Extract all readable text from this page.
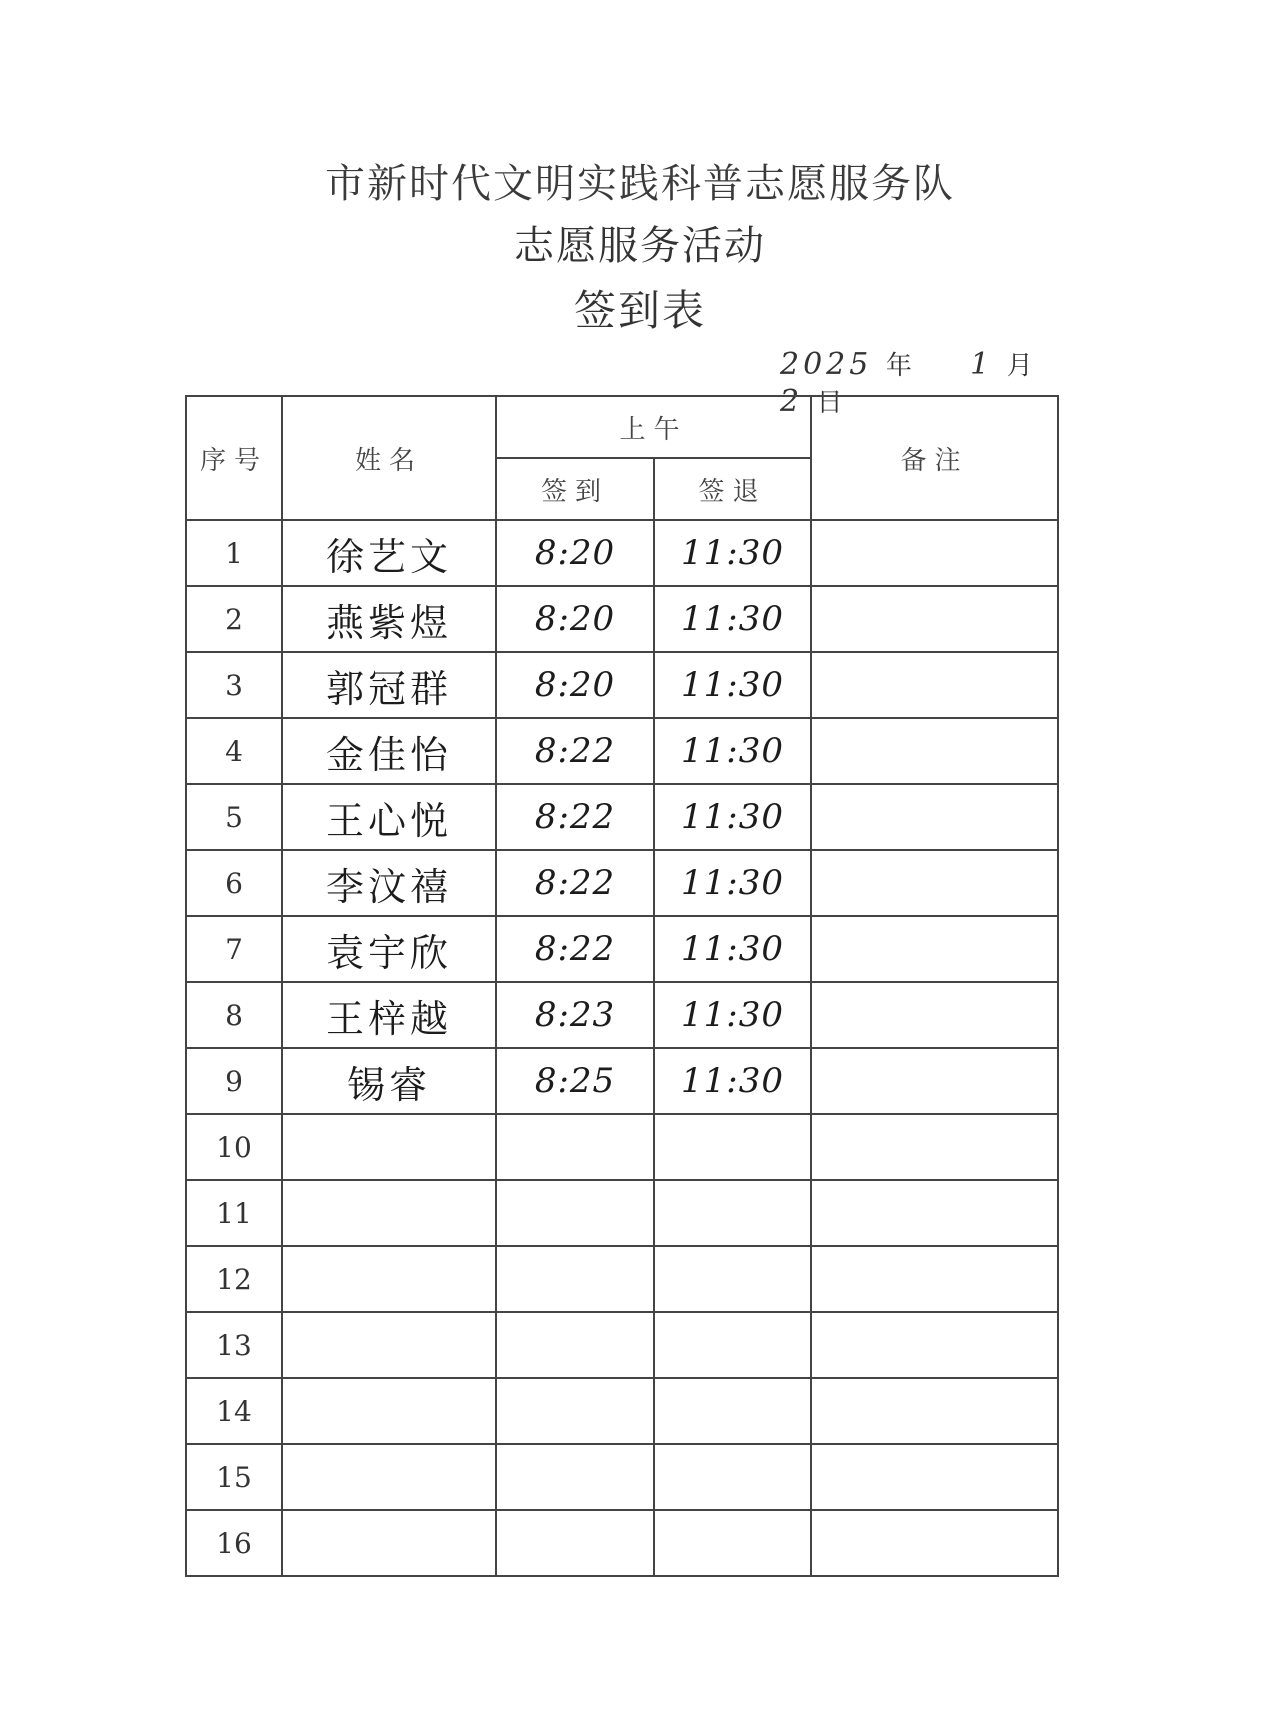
市新时代文明实践科普志愿服务队
志愿服务活动
签到表
2025 年 1 月 2 日
序号	姓名	上午		备注
		签到	签退	
1	徐艺文	8:20	11:30	
2	燕紫煜	8:20	11:30	
3	郭冠群	8:20	11:30	
4	金佳怡	8:22	11:30	
5	王心悦	8:22	11:30	
6	李汶禧	8:22	11:30	
7	袁宇欣	8:22	11:30	
8	王梓越	8:23	11:30	
9	锡睿	8:25	11:30	
10				
11				
12				
13				
14				
15				
16				
